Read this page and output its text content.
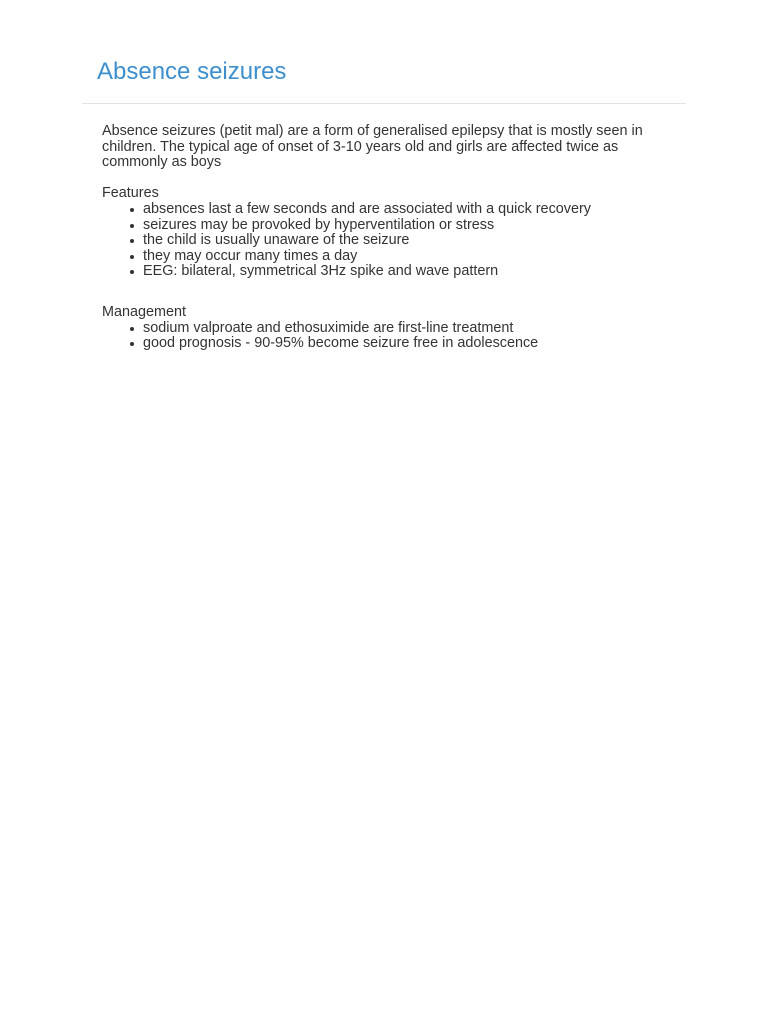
Absence seizures

Absence seizures (petit mal) are a form of generalised epilepsy that is mostly seen in children. The typical age of onset of 3-10 years old and girls are affected twice as commonly as boys

Features
absences last a few seconds and are associated with a quick recovery
seizures may be provoked by hyperventilation or stress
the child is usually unaware of the seizure
they may occur many times a day
EEG: bilateral, symmetrical 3Hz spike and wave pattern
Management
sodium valproate and ethosuximide are first-line treatment
good prognosis - 90-95% become seizure free in adolescence
